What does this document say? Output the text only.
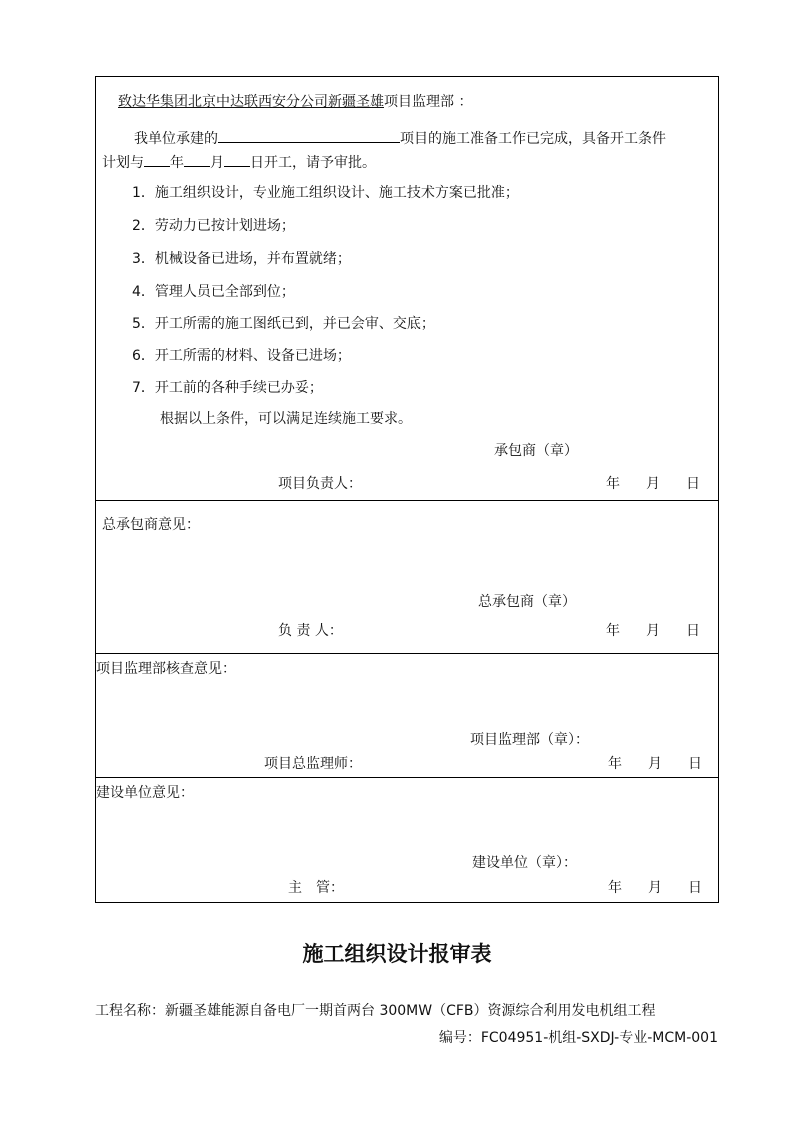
致达华集团北京中达联西安分公司新疆圣雄项目监理部 ：
我单位承建的	项目的施工准备工作已完成，具备开工条件
计划与 年 月 日开工，请予审批。
1．施工组织设计，专业施工组织设计、施工技术方案已批准；
2．劳动力已按计划进场；
3．机械设备已进场，并布置就绪；
4．管理人员已全部到位；
5．开工所需的施工图纸已到，并已会审、交底；
6．开工所需的材料、设备已进场；
7．开工前的各种手续已办妥；
根据以上条件，可以满足连续施工要求。
承包商（章）
项目负责人：	年 月 日
总承包商意见：
总承包商（章）
负 责 人：	年 月 日
项目监理部核查意见：
项目监理部（章）：
项目总监理师：	年 月 日
建设单位意见：
建设单位（章）：
主　管：	年 月 日
施工组织设计报审表
工程名称：新疆圣雄能源自备电厂一期首两台 300MW（CFB）资源综合利用发电机组工程
编号：FC04951-机组-SXDJ-专业-MCM-001
